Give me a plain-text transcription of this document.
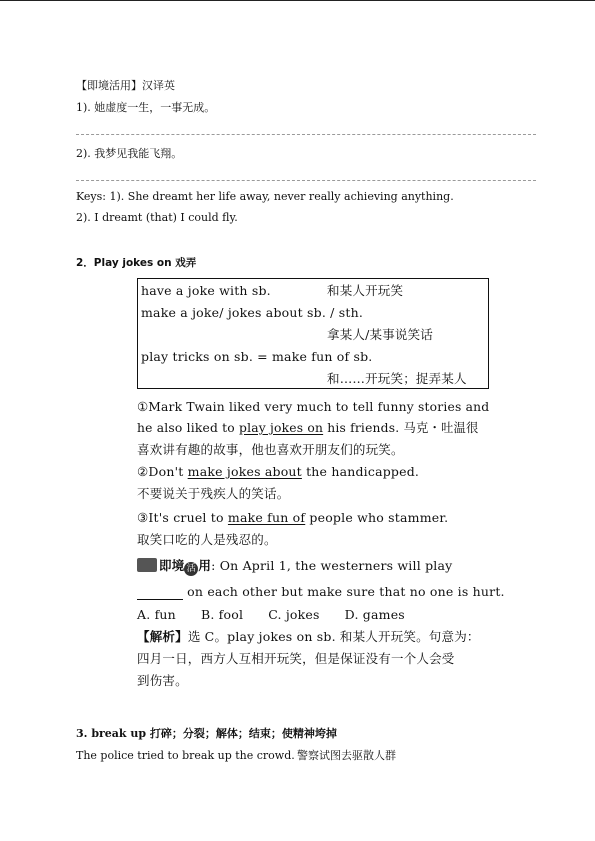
【即境活用】汉译英
1). 她虚度一生，一事无成。
2). 我梦见我能飞翔。
Keys: 1). She dreamt her life away, never really achieving anything.
2). I dreamt (that) I could fly.
2．Play jokes on 戏弄
have a joke with sb.	和某人开玩笑
make a joke/ jokes about sb. / sth.
拿某人/某事说笑话
play tricks on sb. = make fun of sb.
和……开玩笑；捉弄某人
①Mark Twain liked very much to tell funny stories and
he also liked to play jokes on his friends. 马克・吐温很
喜欢讲有趣的故事，他也喜欢开朋友们的玩笑。
②Don't make jokes about the handicapped.
不要说关于残疾人的笑话。
③It's cruel to make fun of people who stammer.
取笑口吃的人是残忍的。
即境 活 用: On April 1, the westerners will play
on each other but make sure that no one is hurt.
A. fun      B. fool      C. jokes      D. games
【解析】选 C。play jokes on sb. 和某人开玩笑。句意为：
四月一日，西方人互相开玩笑，但是保证没有一个人会受
到伤害。
3. break up 打碎；分裂；解体；结束；使精神垮掉
The police tried to break up the crowd. 警察试图去驱散人群
